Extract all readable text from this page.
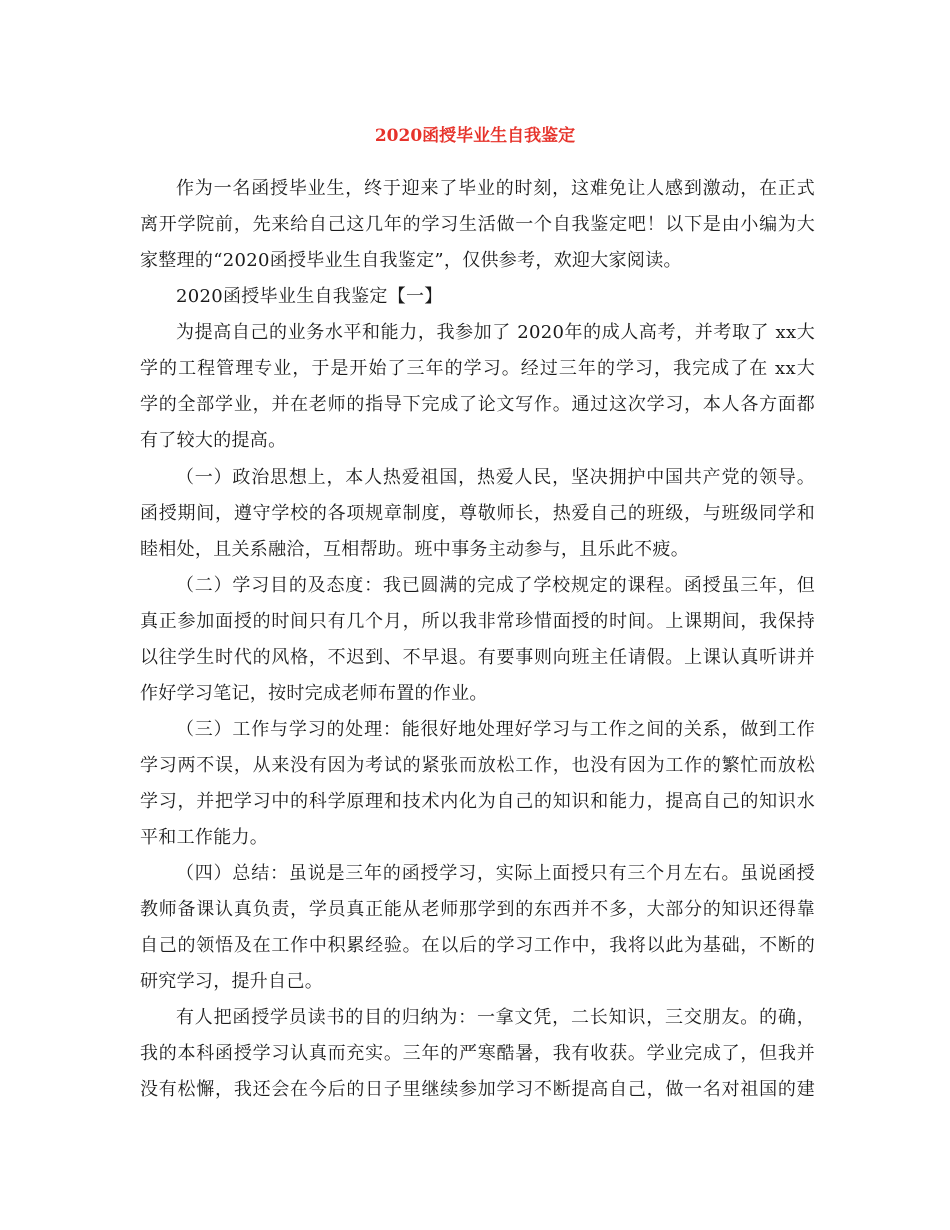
2020函授毕业生自我鉴定
作为一名函授毕业生，终于迎来了毕业的时刻，这难免让人感到激动，在正式
离开学院前，先来给自己这几年的学习生活做一个自我鉴定吧！以下是由小编为大
家整理的“2020函授毕业生自我鉴定”，仅供参考，欢迎大家阅读。
2020函授毕业生自我鉴定【一】
为提高自己的业务水平和能力，我参加了 2020年的成人高考，并考取了 xx大
学的工程管理专业，于是开始了三年的学习。经过三年的学习，我完成了在 xx大
学的全部学业，并在老师的指导下完成了论文写作。通过这次学习，本人各方面都
有了较大的提高。
（一）政治思想上，本人热爱祖国，热爱人民，坚决拥护中国共产党的领导。
函授期间，遵守学校的各项规章制度，尊敬师长，热爱自己的班级，与班级同学和
睦相处，且关系融洽，互相帮助。班中事务主动参与，且乐此不疲。
（二）学习目的及态度：我已圆满的完成了学校规定的课程。函授虽三年，但
真正参加面授的时间只有几个月，所以我非常珍惜面授的时间。上课期间，我保持
以往学生时代的风格，不迟到、不早退。有要事则向班主任请假。上课认真听讲并
作好学习笔记，按时完成老师布置的作业。
（三）工作与学习的处理：能很好地处理好学习与工作之间的关系，做到工作
学习两不误，从来没有因为考试的紧张而放松工作，也没有因为工作的繁忙而放松
学习，并把学习中的科学原理和技术内化为自己的知识和能力，提高自己的知识水
平和工作能力。
（四）总结：虽说是三年的函授学习，实际上面授只有三个月左右。虽说函授
教师备课认真负责，学员真正能从老师那学到的东西并不多，大部分的知识还得靠
自己的领悟及在工作中积累经验。在以后的学习工作中，我将以此为基础，不断的
研究学习，提升自己。
有人把函授学员读书的目的归纳为：一拿文凭，二长知识，三交朋友。的确，
我的本科函授学习认真而充实。三年的严寒酷暑，我有收获。学业完成了，但我并
没有松懈，我还会在今后的日子里继续参加学习不断提高自己，做一名对祖国的建
